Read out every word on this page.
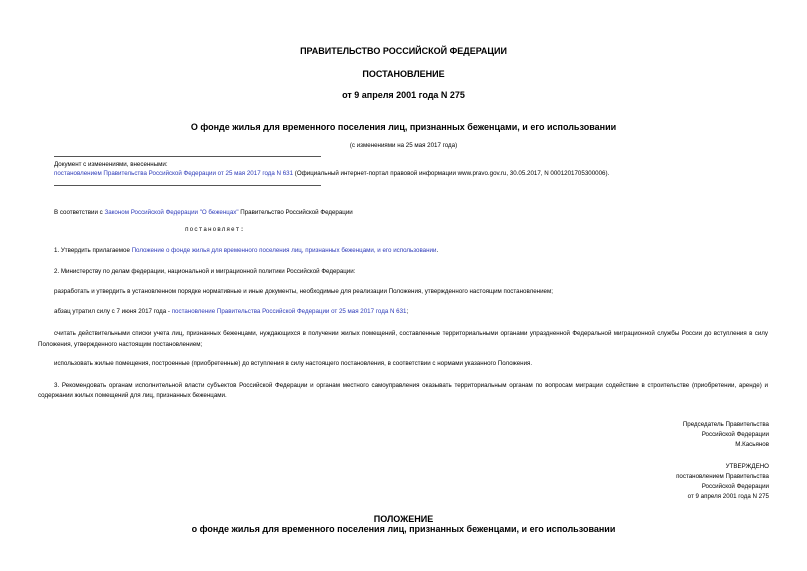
ПРАВИТЕЛЬСТВО РОССИЙСКОЙ ФЕДЕРАЦИИ
ПОСТАНОВЛЕНИЕ
от 9 апреля 2001 года N 275
О фонде жилья для временного поселения лиц, признанных беженцами, и его использовании
(с изменениями на 25 мая 2017 года)
Документ с изменениями, внесенными:
постановлением Правительства Российской Федерации от 25 мая 2017 года N 631 (Официальный интернет-портал правовой информации www.pravo.gov.ru, 30.05.2017, N 0001201705300006).
В соответствии с Законом Российской Федерации "О беженцах" Правительство Российской Федерации
постановляет:
1. Утвердить прилагаемое Положение о фонде жилья для временного поселения лиц, признанных беженцами, и его использовании.
2. Министерству по делам федерации, национальной и миграционной политики Российской Федерации:
разработать и утвердить в установленном порядке нормативные и иные документы, необходимые для реализации Положения, утвержденного настоящим постановлением;
абзац утратил силу с 7 июня 2017 года - постановление Правительства Российской Федерации от 25 мая 2017 года N 631;
считать действительными списки учета лиц, признанных беженцами, нуждающихся в получении жилых помещений, составленные территориальными органами упраздненной Федеральной миграционной службы России до вступления в силу Положения, утвержденного настоящим постановлением;
использовать жилые помещения, построенные (приобретенные) до вступления в силу настоящего постановления, в соответствии с нормами указанного Положения.
3. Рекомендовать органам исполнительной власти субъектов Российской Федерации и органам местного самоуправления оказывать территориальным органам по вопросам миграции содействие в строительстве (приобретении, аренде) и содержании жилых помещений для лиц, признанных беженцами.
Председатель Правительства
Российской Федерации
М.Касьянов
УТВЕРЖДЕНО
постановлением Правительства
Российской Федерации
от 9 апреля 2001 года N 275
ПОЛОЖЕНИЕ
о фонде жилья для временного поселения лиц, признанных беженцами, и его использовании
